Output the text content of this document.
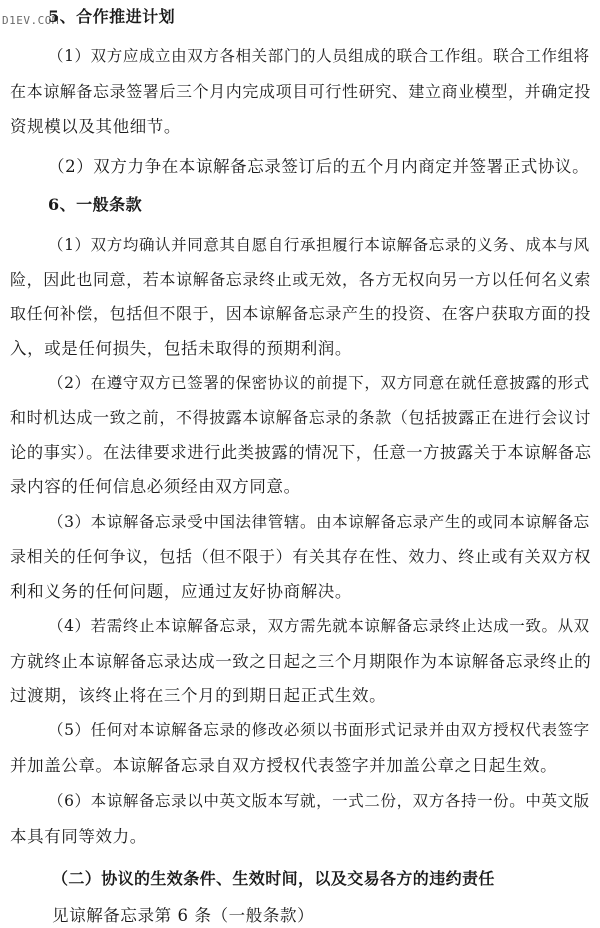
D1EV.COM
5、合作推进计划
（1）双方应成立由双方各相关部门的人员组成的联合工作组。联合工作组将
在本谅解备忘录签署后三个月内完成项目可行性研究、建立商业模型，并确定投
资规模以及其他细节。
（2）双方力争在本谅解备忘录签订后的五个月内商定并签署正式协议。
6、一般条款
（1）双方均确认并同意其自愿自行承担履行本谅解备忘录的义务、成本与风
险，因此也同意，若本谅解备忘录终止或无效，各方无权向另一方以任何名义索
取任何补偿，包括但不限于，因本谅解备忘录产生的投资、在客户获取方面的投
入，或是任何损失，包括未取得的预期利润。
（2）在遵守双方已签署的保密协议的前提下，双方同意在就任意披露的形式
和时机达成一致之前，不得披露本谅解备忘录的条款（包括披露正在进行会议讨
论的事实）。在法律要求进行此类披露的情况下，任意一方披露关于本谅解备忘
录内容的任何信息必须经由双方同意。
（3）本谅解备忘录受中国法律管辖。由本谅解备忘录产生的或同本谅解备忘
录相关的任何争议，包括（但不限于）有关其存在性、效力、终止或有关双方权
利和义务的任何问题，应通过友好协商解决。
（4）若需终止本谅解备忘录，双方需先就本谅解备忘录终止达成一致。从双
方就终止本谅解备忘录达成一致之日起之三个月期限作为本谅解备忘录终止的
过渡期，该终止将在三个月的到期日起正式生效。
（5）任何对本谅解备忘录的修改必须以书面形式记录并由双方授权代表签字
并加盖公章。本谅解备忘录自双方授权代表签字并加盖公章之日起生效。
（6）本谅解备忘录以中英文版本写就，一式二份，双方各持一份。中英文版
本具有同等效力。
（二）协议的生效条件、生效时间，以及交易各方的违约责任
见谅解备忘录第 6 条（一般条款）
